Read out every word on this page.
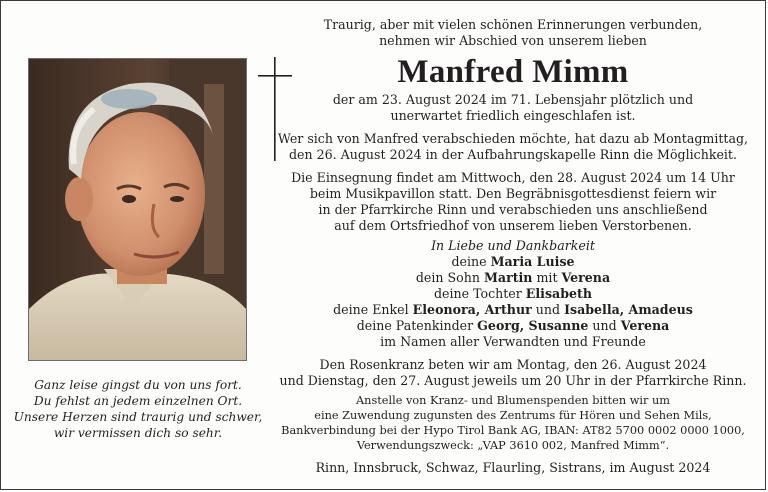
Ganz leise gingst du von uns fort.
Du fehlst an jedem einzelnen Ort.
Unsere Herzen sind traurig und schwer,
wir vermissen dich so sehr.
Traurig, aber mit vielen schönen Erinnerungen verbunden,
nehmen wir Abschied von unserem lieben
Manfred Mimm
der am 23. August 2024 im 71. Lebensjahr plötzlich und
unerwartet friedlich eingeschlafen ist.
Wer sich von Manfred verabschieden möchte, hat dazu ab Montagmittag,
den 26. August 2024 in der Aufbahrungskapelle Rinn die Möglichkeit.
Die Einsegnung findet am Mittwoch, den 28. August 2024 um 14 Uhr
beim Musikpavillon statt. Den Begräbnisgottesdienst feiern wir
in der Pfarrkirche Rinn und verabschieden uns anschließend
auf dem Ortsfriedhof von unserem lieben Verstorbenen.
In Liebe und Dankbarkeit
deine Maria Luise
dein Sohn Martin mit Verena
deine Tochter Elisabeth
deine Enkel Eleonora, Arthur und Isabella, Amadeus
deine Patenkinder Georg, Susanne und Verena
im Namen aller Verwandten und Freunde
Den Rosenkranz beten wir am Montag, den 26. August 2024
und Dienstag, den 27. August jeweils um 20 Uhr in der Pfarrkirche Rinn.
Anstelle von Kranz- und Blumenspenden bitten wir um
eine Zuwendung zugunsten des Zentrums für Hören und Sehen Mils,
Bankverbindung bei der Hypo Tirol Bank AG, IBAN: AT82 5700 0002 0000 1000,
Verwendungszweck: „VAP 3610 002, Manfred Mimm“.
Rinn, Innsbruck, Schwaz, Flaurling, Sistrans, im August 2024
